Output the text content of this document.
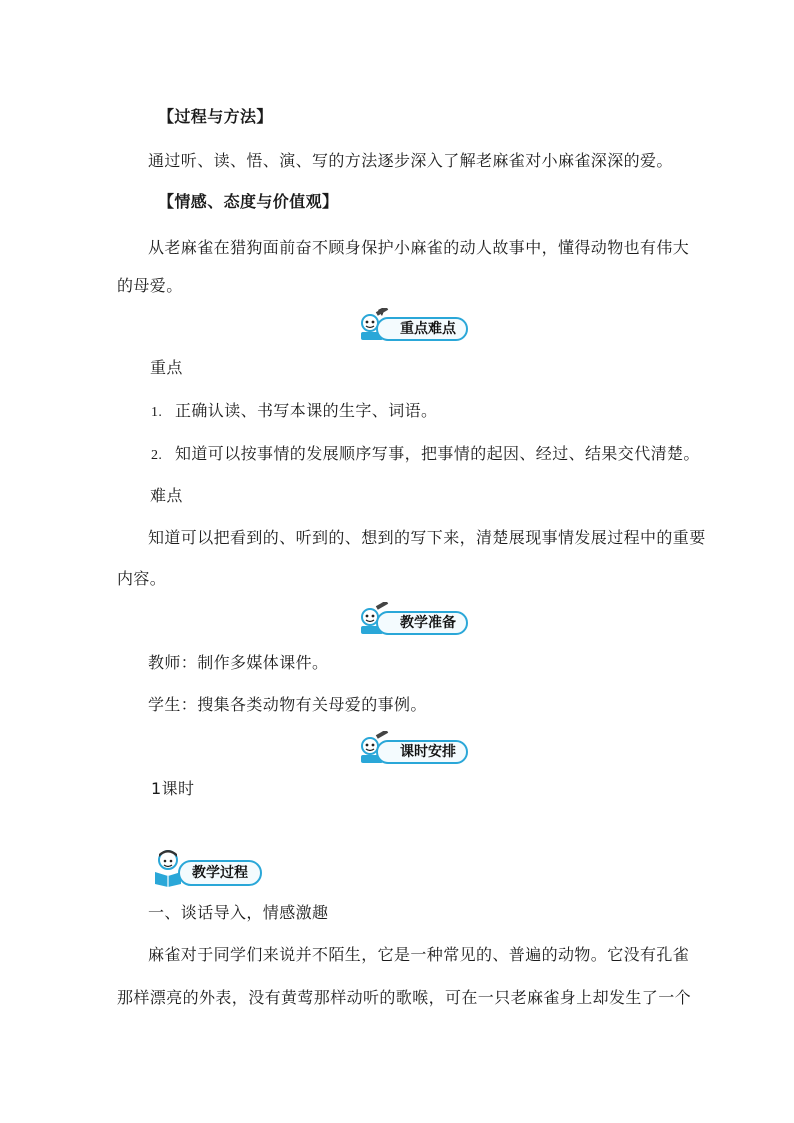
【过程与方法】
通过听、读、悟、演、写的方法逐步深入了解老麻雀对小麻雀深深的爱。
【情感、态度与价值观】
从老麻雀在猎狗面前奋不顾身保护小麻雀的动人故事中，懂得动物也有伟大
的母爱。
重点难点
重点
1. 正确认读、书写本课的生字、词语。
2. 知道可以按事情的发展顺序写事，把事情的起因、经过、结果交代清楚。
难点
知道可以把看到的、听到的、想到的写下来，清楚展现事情发展过程中的重要
内容。
教学准备
教师：制作多媒体课件。
学生：搜集各类动物有关母爱的事例。
课时安排
1课时
教学过程
一、谈话导入，情感激趣
麻雀对于同学们来说并不陌生，它是一种常见的、普遍的动物。它没有孔雀
那样漂亮的外表，没有黄莺那样动听的歌喉，可在一只老麻雀身上却发生了一个
